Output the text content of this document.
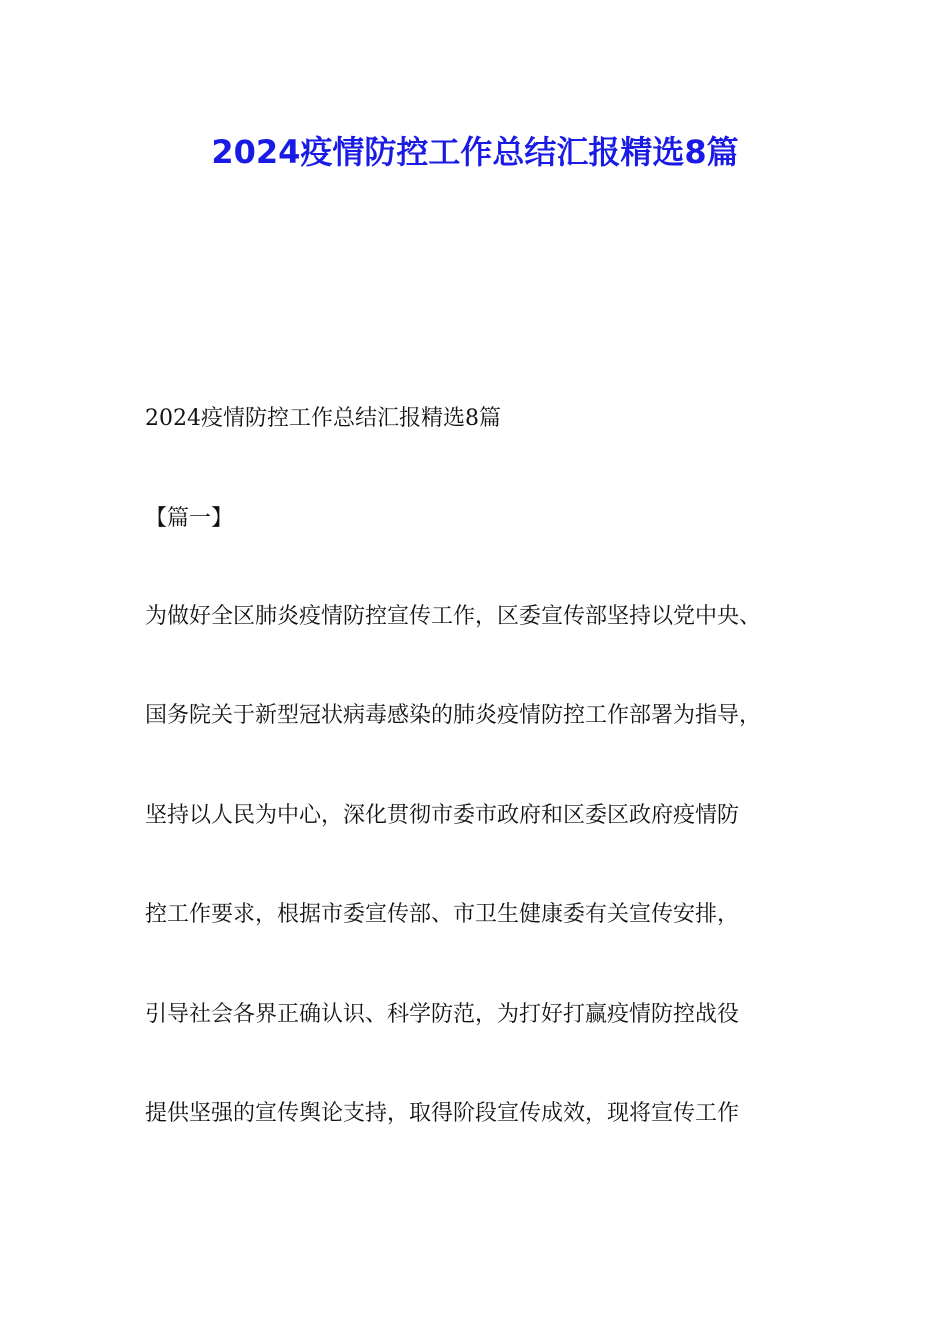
2024疫情防控工作总结汇报精选8篇

2024疫情防控工作总结汇报精选8篇

【篇一】

为做好全区肺炎疫情防控宣传工作，区委宣传部坚持以党中央、

国务院关于新型冠状病毒感染的肺炎疫情防控工作部署为指导，

坚持以人民为中心，深化贯彻市委市政府和区委区政府疫情防

控工作要求，根据市委宣传部、市卫生健康委有关宣传安排，

引导社会各界正确认识、科学防范，为打好打赢疫情防控战役

提供坚强的宣传舆论支持，取得阶段宣传成效，现将宣传工作
